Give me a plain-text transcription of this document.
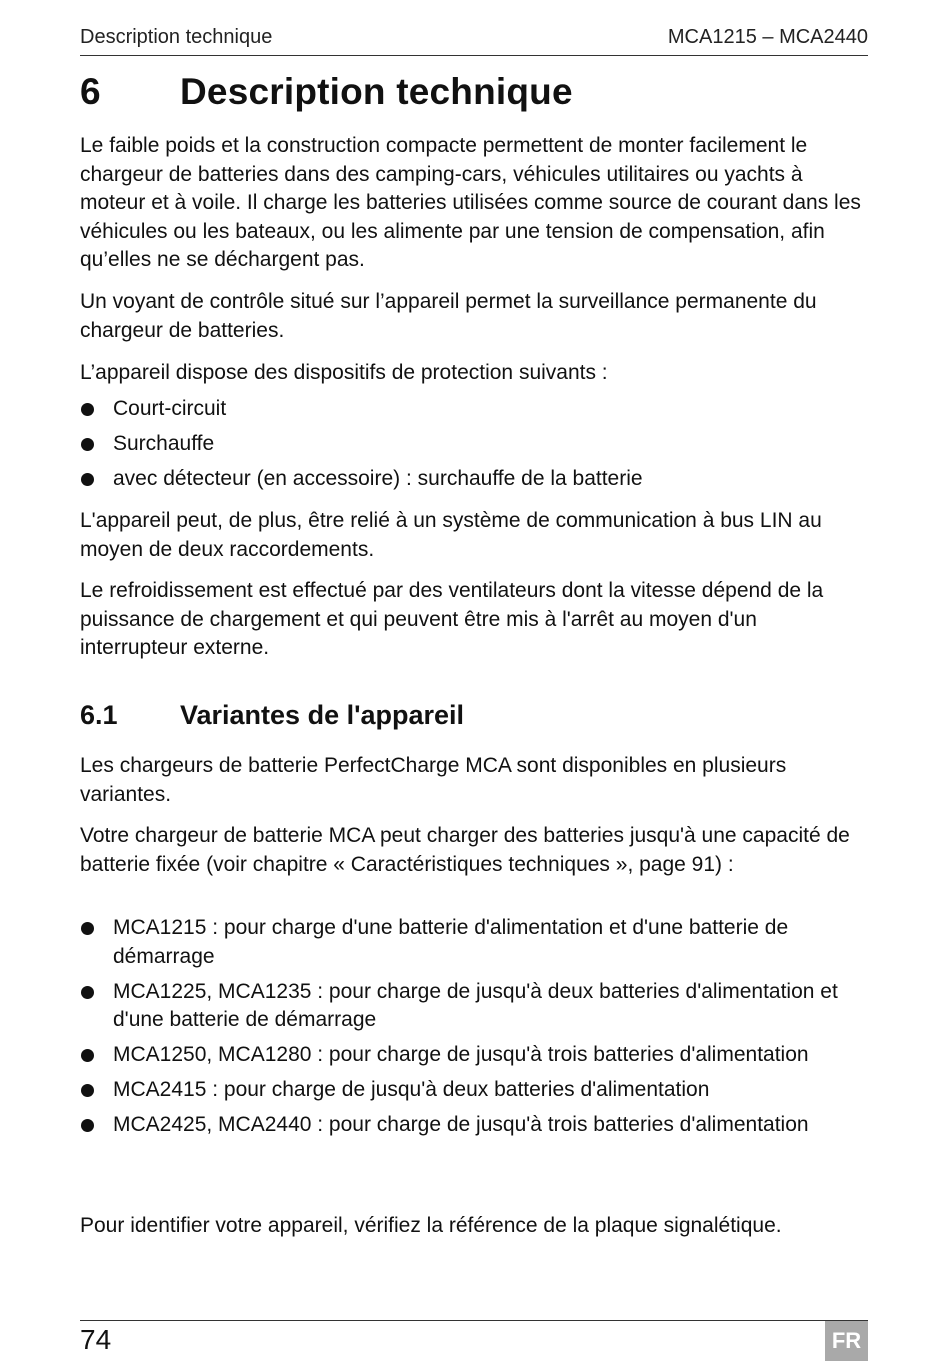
Description technique	MCA1215 – MCA2440
6	Description technique

Le faible poids et la construction compacte permettent de monter facilement le chargeur de batteries dans des camping-cars, véhicules utilitaires ou yachts à moteur et à voile. Il charge les batteries utilisées comme source de courant dans les véhicules ou les bateaux, ou les alimente par une tension de compensation, afin qu’elles ne se déchargent pas.

Un voyant de contrôle situé sur l’appareil permet la surveillance permanente du chargeur de batteries.

L’appareil dispose des dispositifs de protection suivants :

Court-circuit
Surchauffe
avec détecteur (en accessoire) : surchauffe de la batterie

L'appareil peut, de plus, être relié à un système de communication à bus LIN au moyen de deux raccordements.

Le refroidissement est effectué par des ventilateurs dont la vitesse dépend de la puissance de chargement et qui peuvent être mis à l'arrêt au moyen d'un interrupteur externe.

6.1	Variantes de l'appareil

Les chargeurs de batterie PerfectCharge MCA sont disponibles en plusieurs variantes.

Votre chargeur de batterie MCA peut charger des batteries jusqu'à une capacité de batterie fixée (voir chapitre « Caractéristiques techniques », page 91) :

MCA1215 : pour charge d'une batterie d'alimentation et d'une batterie de démarrage
MCA1225, MCA1235 : pour charge de jusqu'à deux batteries d'alimentation et d'une batterie de démarrage
MCA1250, MCA1280 : pour charge de jusqu'à trois batteries d'alimentation
MCA2415 : pour charge de jusqu'à deux batteries d'alimentation
MCA2425, MCA2440 : pour charge de jusqu'à trois batteries d'alimentation

Pour identifier votre appareil, vérifiez la référence de la plaque signalétique.

74	FR
